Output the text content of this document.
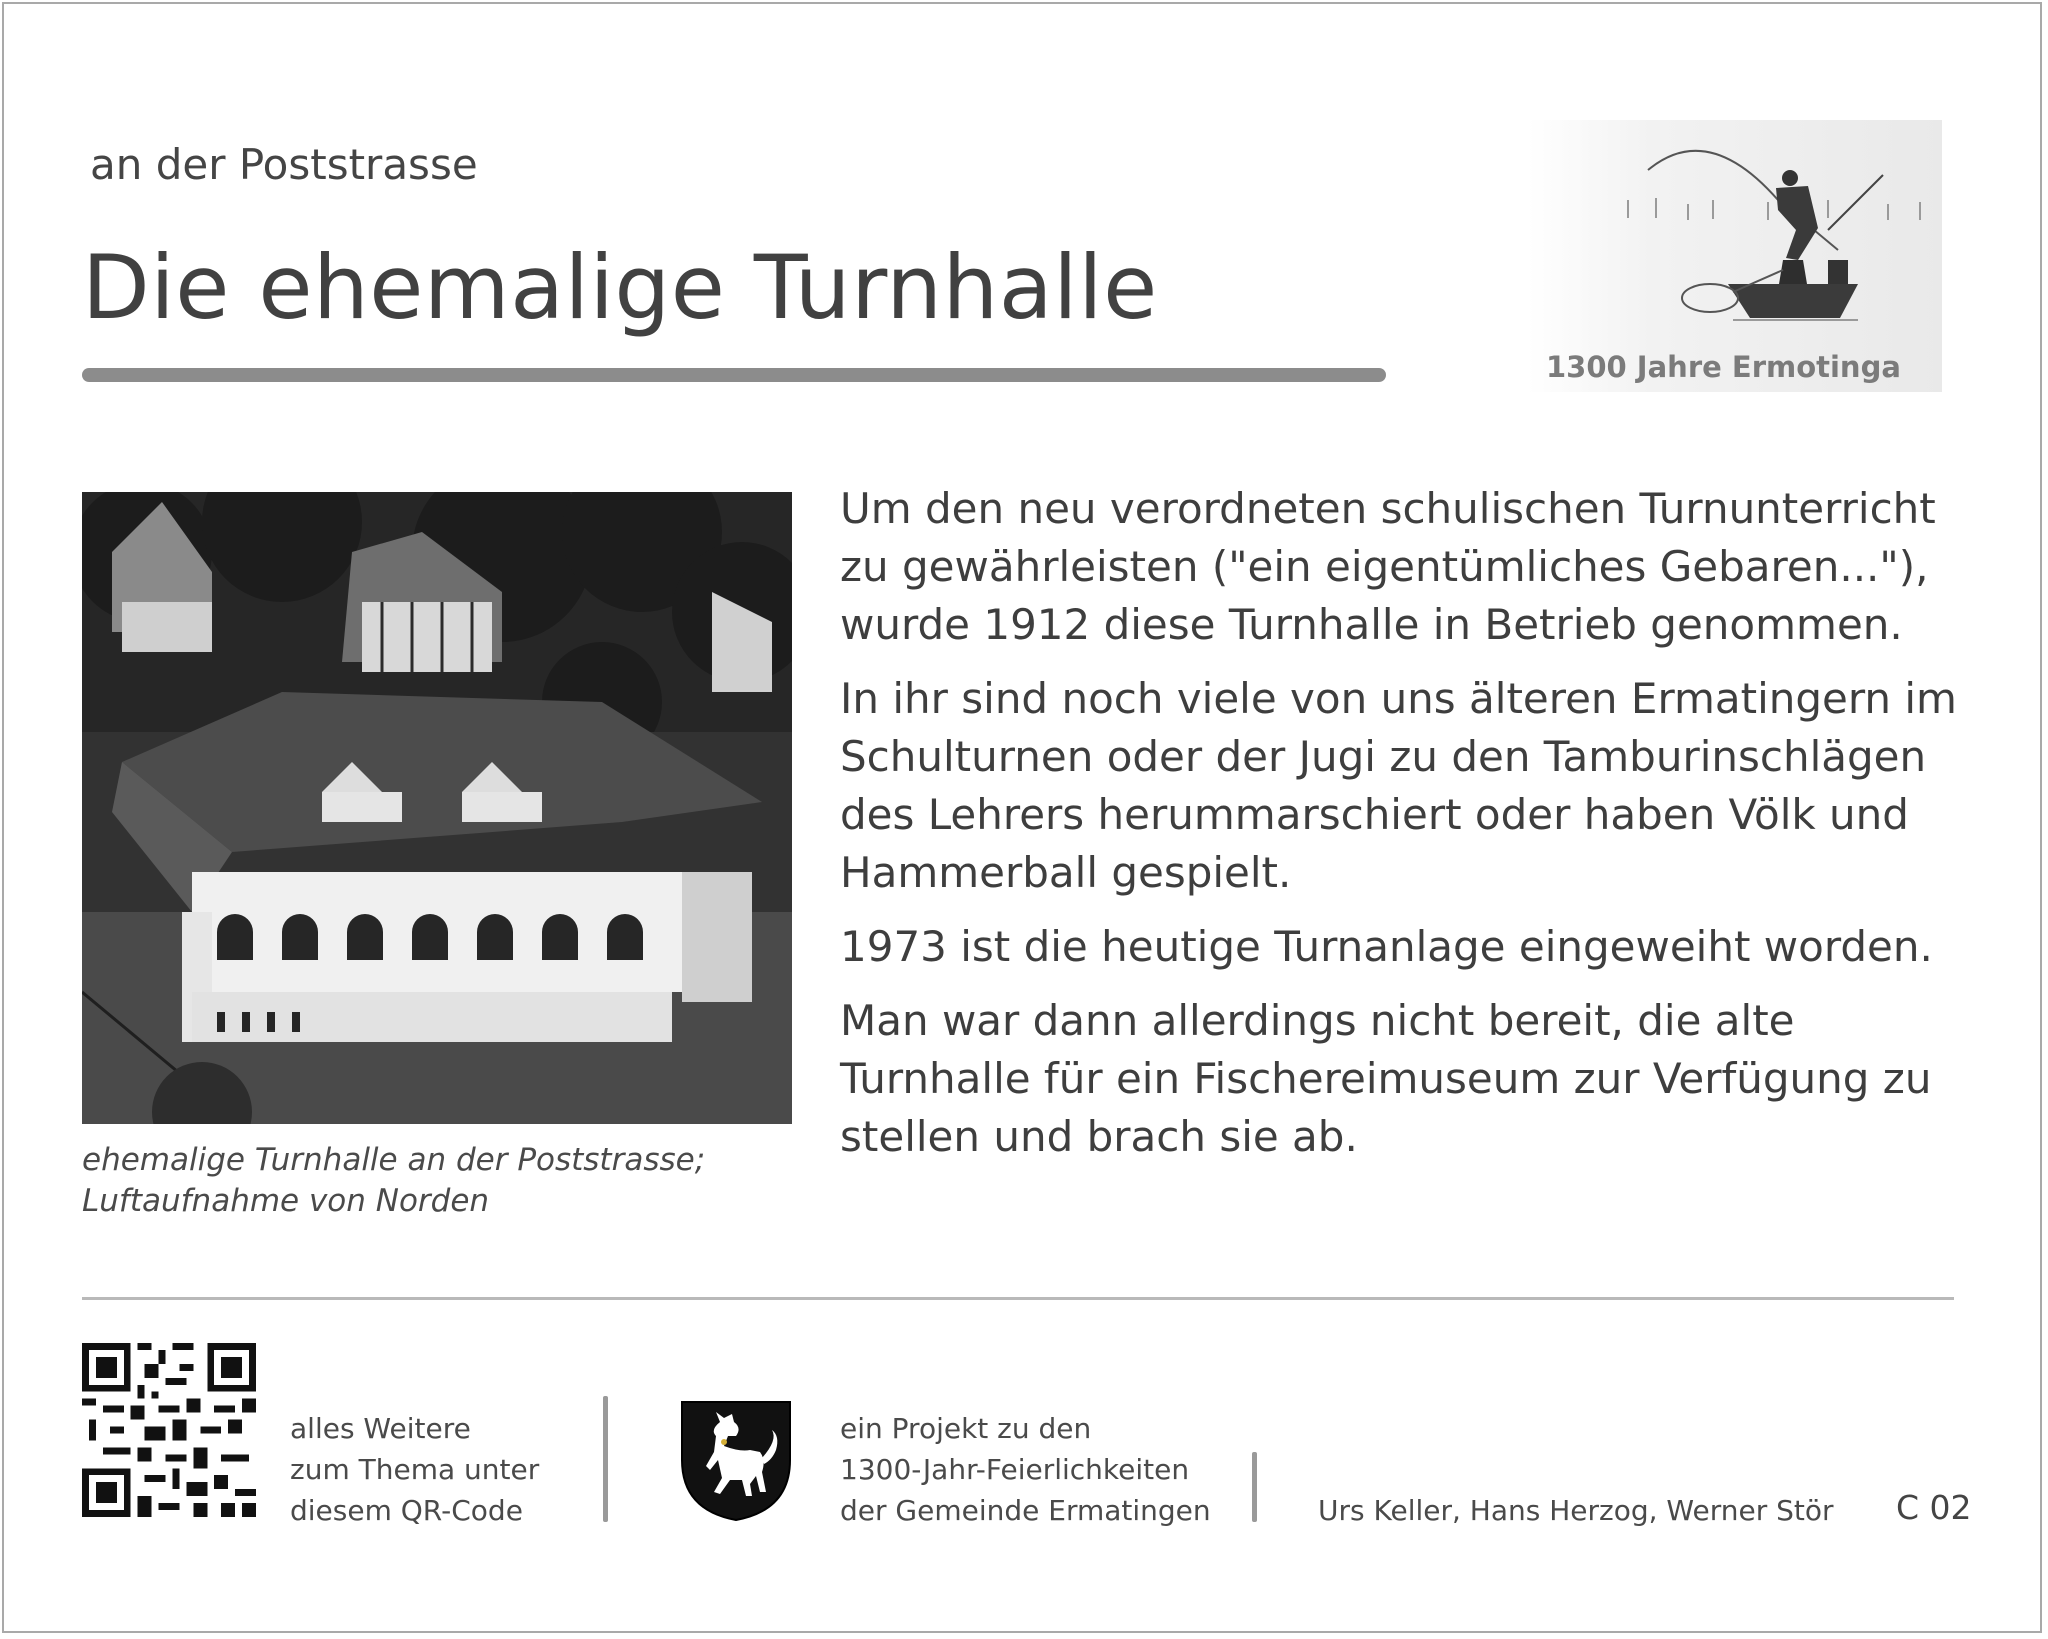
an der Poststrasse
Die ehemalige Turnhalle
1300 Jahre Ermotinga
ehemalige Turnhalle an der Poststrasse;
Luftaufnahme von Norden

Um den neu verordneten schulischen Turnunterricht zu gewährleisten ("ein eigentümliches Gebaren..."), wurde 1912 diese Turnhalle in Betrieb genommen.

In ihr sind noch viele von uns älteren Ermatingern im Schulturnen oder der Jugi zu den Tamburinschlägen des Lehrers herummarschiert oder haben Völk und Hammerball gespielt.

1973 ist die heutige Turnanlage eingeweiht worden.

Man war dann allerdings nicht bereit, die alte Turnhalle für ein Fischereimuseum zur Verfügung zu stellen und brach sie ab.

alles Weitere
zum Thema unter
diesem QR-Code
ein Projekt zu den
1300-Jahr-Feierlichkeiten
der Gemeinde Ermatingen	Urs Keller, Hans Herzog, Werner Stör C 02
